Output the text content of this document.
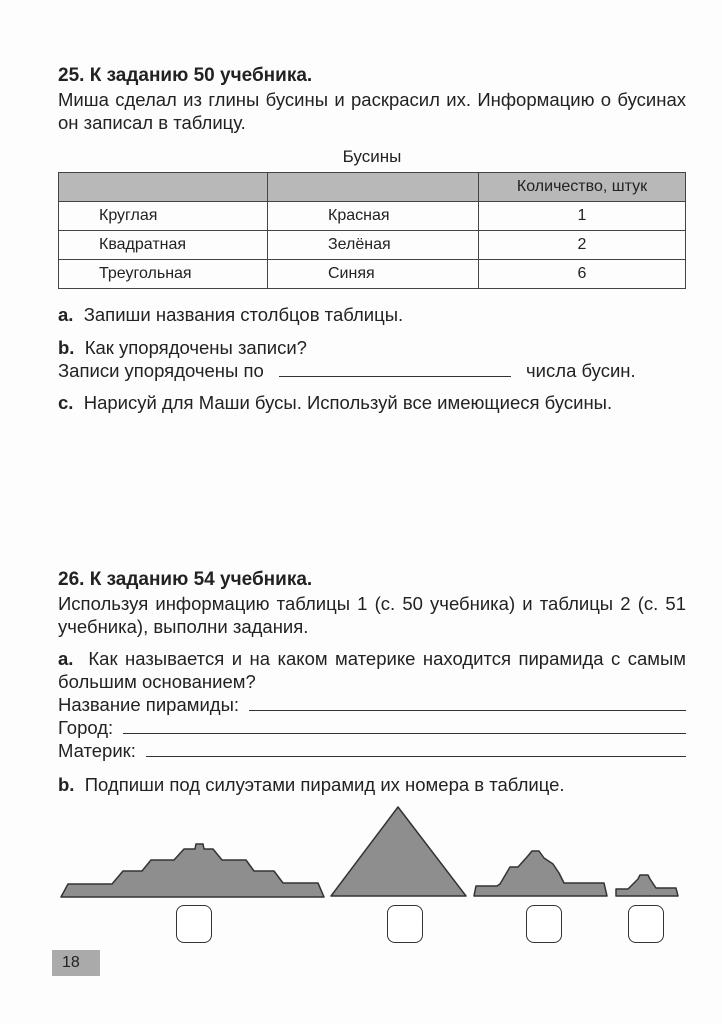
25. К заданию 50 учебника.
Миша сделал из глины бусины и раскрасил их. Информацию о бусинах он записал в таблицу.
Бусины
		Количество, штук
Круглая	Красная	1
Квадратная	Зелёная	2
Треугольная	Синяя	6
a. Запиши названия столбцов таблицы.
b. Как упорядочены записи?
Записи упорядочены по	числа бусин.
c. Нарисуй для Маши бусы. Используй все имеющиеся бусины.
26. К заданию 54 учебника.
Используя информацию таблицы 1 (с. 50 учебника) и таблицы 2 (с. 51 учебника), выполни задания.
a. Как называется и на каком материке находится пирамида с самым большим основанием?
Название пирамиды:
Город:
Материк:
b. Подпиши под силуэтами пирамид их номера в таблице.
18
